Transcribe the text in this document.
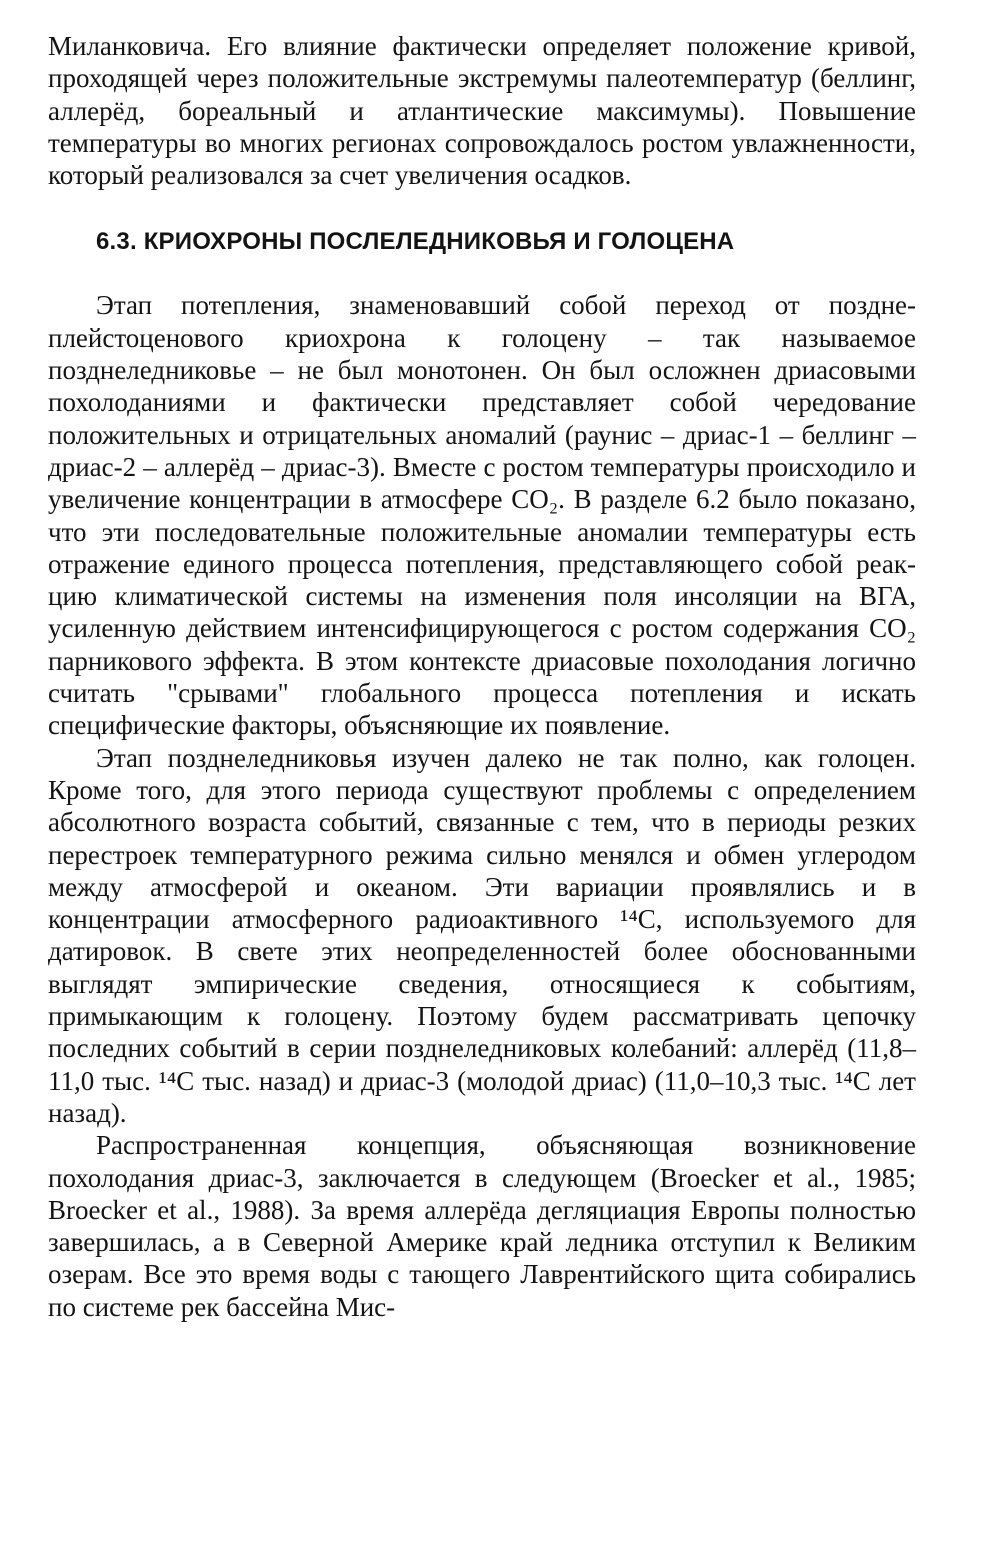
Миланковича. Его влияние фактически определяет положение кривой, проходящей через положительные экстремумы палеотемператур (беллинг, аллерёд, бореальный и атлантические максимумы). Повышение температуры во многих регионах сопровождалось ростом увлажненности, который реализовался за счет увеличения осадков.

6.3. КРИОХРОНЫ ПОСЛЕЛЕДНИКОВЬЯ И ГОЛОЦЕНА

Этап потепления, знаменовавший собой переход от позднеплейстоценового криохрона к голоцену – так называемое позднеледниковье – не был монотонен. Он был осложнен дриасовыми похолоданиями и фактически представляет собой чередование положительных и отрицательных аномалий (раунис – дриас-1 – беллинг – дриас-2 – аллерёд – дриас-3). Вместе с ростом температуры происходило и увеличение концентрации в атмосфере CO₂. В разделе 6.2 было показано, что эти последовательные положительные аномалии температуры есть отражение единого процесса потепления, представляющего собой реакцию климатической системы на изменения поля инсоляции на ВГА, усиленную действием интенсифицирующегося с ростом содержания CO₂ парникового эффекта. В этом контексте дриасовые похолодания логично считать "срывами" глобального процесса потепления и искать специфические факторы, объясняющие их появление.

Этап позднеледниковья изучен далеко не так полно, как голоцен. Кроме того, для этого периода существуют проблемы с определением абсолютного возраста событий, связанные с тем, что в периоды резких перестроек температурного режима сильно менялся и обмен углеродом между атмосферой и океаном. Эти вариации проявлялись и в концентрации атмосферного радиоактивного ¹⁴C, используемого для датировок. В свете этих неопределенностей более обоснованными выглядят эмпирические сведения, относящиеся к событиям, примыкающим к голоцену. Поэтому будем рассматривать цепочку последних событий в серии позднеледниковых колебаний: аллерёд (11,8–11,0 тыс. ¹⁴C тыс. назад) и дриас-3 (молодой дриас) (11,0–10,3 тыс. ¹⁴C лет назад).

Распространенная концепция, объясняющая возникновение похолодания дриас-3, заключается в следующем (Broecker et al., 1985; Broecker et al., 1988). За время аллерёда дегляциация Европы полностью завершилась, а в Северной Америке край ледника отступил к Великим озерам. Все это время воды с тающего Лаврентийского щита собирались по системе рек бассейна Мис-
